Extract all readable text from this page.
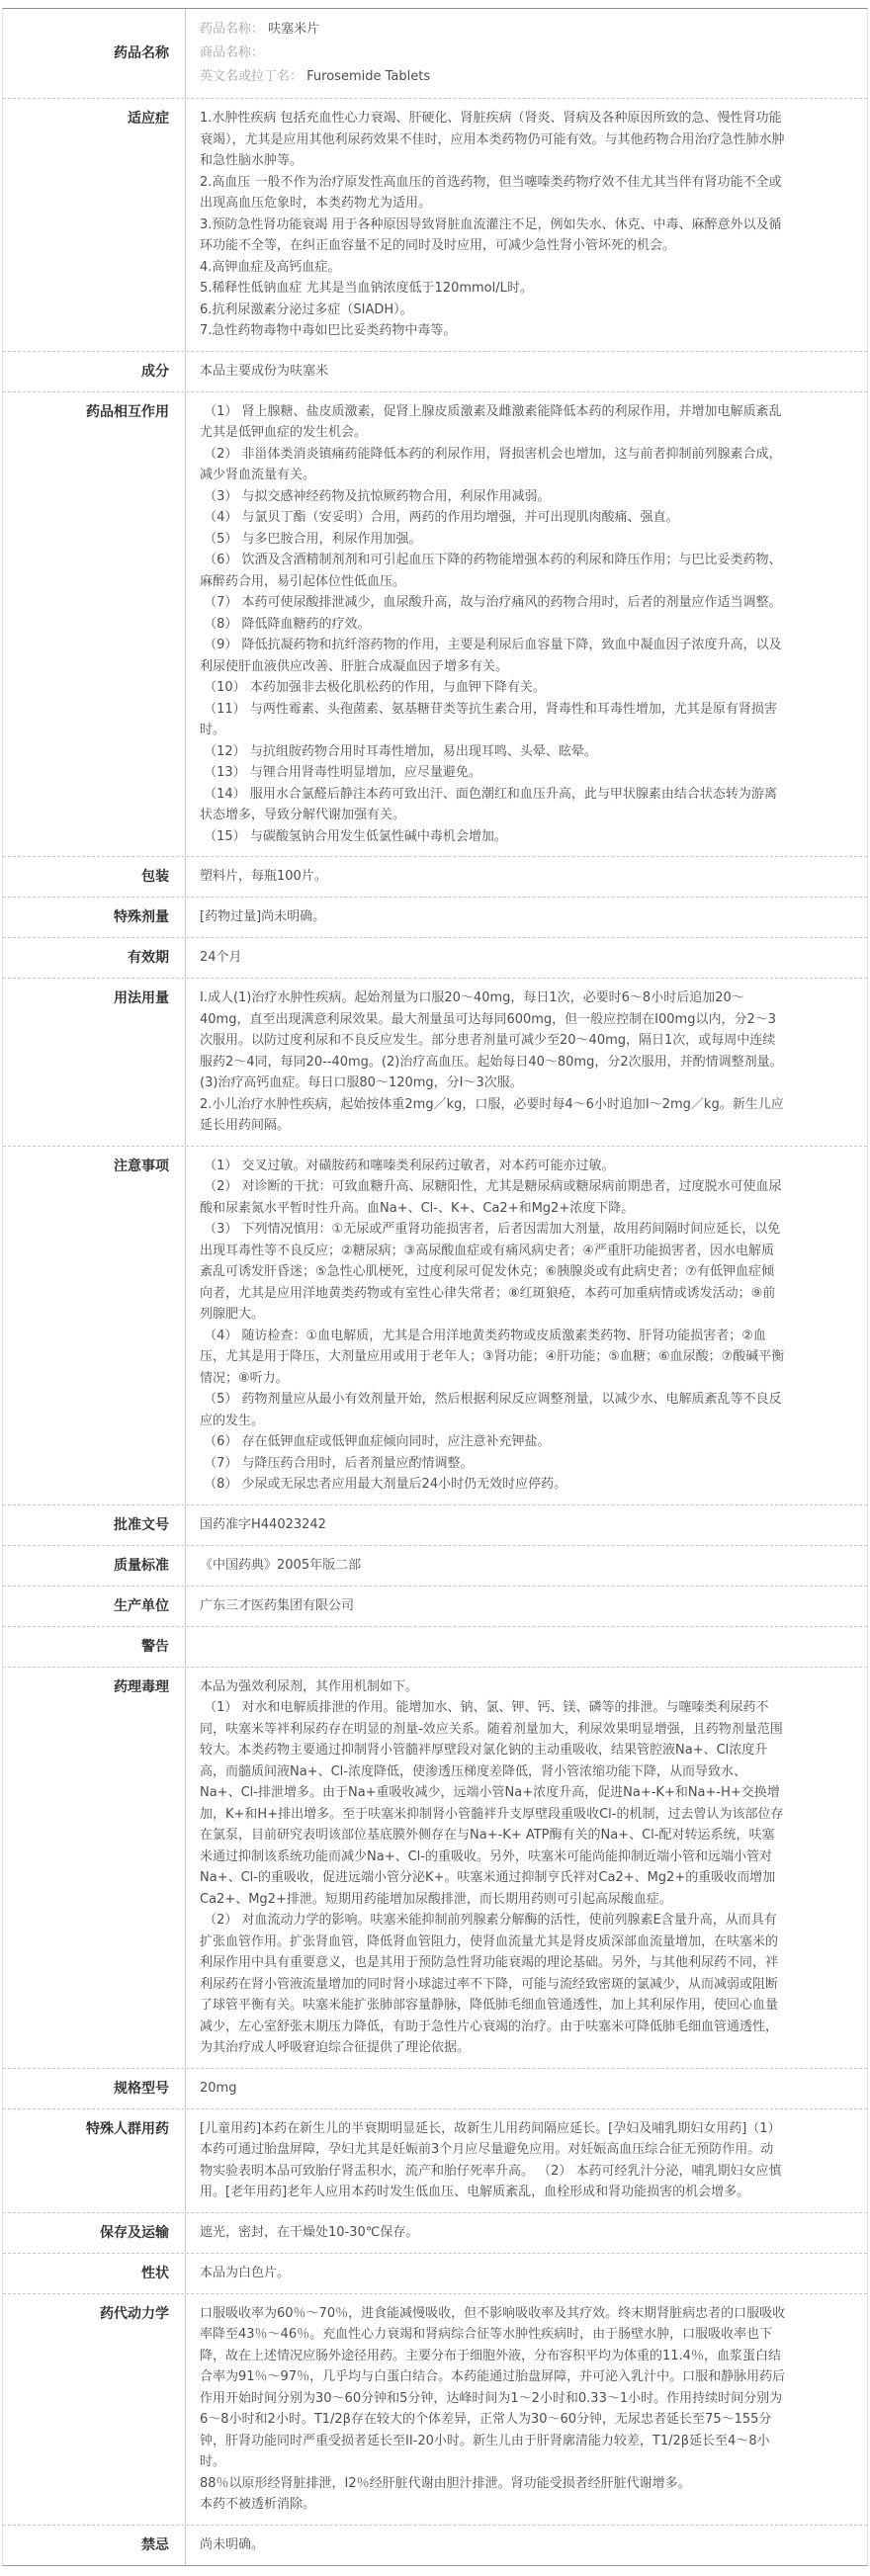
药品名称
药品名称： 呋塞米片
商品名称：
英文名或拉丁名： Furosemide Tablets
适应症	1.水肿性疾病 包括充血性心力衰竭、肝硬化、肾脏疾病（肾炎、肾病及各种原因所致的急、慢性肾功能衰竭），尤其是应用其他利尿药效果不佳时，应用本类药物仍可能有效。与其他药物合用治疗急性肺水肿和急性脑水肿等。
2.高血压 一般不作为治疗原发性高血压的首选药物，但当噻嗪类药物疗效不佳尤其当伴有肾功能不全或出现高血压危象时，本类药物尤为适用。
3.预防急性肾功能衰竭 用于各种原因导致肾脏血流灌注不足，例如失水、休克、中毒、麻醉意外以及循环功能不全等，在纠正血容量不足的同时及时应用，可减少急性肾小管坏死的机会。
4.高钾血症及高钙血症。
5.稀释性低钠血症 尤其是当血钠浓度低于120mmol/L时。
6.抗利尿激素分泌过多症（SIADH）。
7.急性药物毒物中毒如巴比妥类药物中毒等。
成分	本品主要成份为呋塞米
药品相互作用	（1） 肾上腺糖、盐皮质激素，促肾上腺皮质激素及雌激素能降低本药的利尿作用，并增加电解质紊乱尤其是低钾血症的发生机会。
（2） 非甾体类消炎镇痛药能降低本药的利尿作用，肾损害机会也增加，这与前者抑制前列腺素合成，减少肾血流量有关。
（3） 与拟交感神经药物及抗惊厥药物合用，利尿作用减弱。
（4） 与氯贝丁酯（安妥明）合用，两药的作用均增强，并可出现肌肉酸痛、强直。
（5） 与多巴胺合用，利尿作用加强。
（6） 饮酒及含酒精制剂剂和可引起血压下降的药物能增强本药的利尿和降压作用；与巴比妥类药物、麻醉药合用，易引起体位性低血压。
（7） 本药可使尿酸排泄减少，血尿酸升高，故与治疗痛风的药物合用时，后者的剂量应作适当调整。
（8） 降低降血糖药的疗效。
（9） 降低抗凝药物和抗纤溶药物的作用，主要是利尿后血容量下降，致血中凝血因子浓度升高，以及利尿使肝血液供应改善、肝脏合成凝血因子增多有关。
（10） 本药加强非去极化肌松药的作用，与血钾下降有关。
（11） 与两性霉素、头孢菌素、氨基糖苷类等抗生素合用，肾毒性和耳毒性增加，尤其是原有肾损害时。
（12） 与抗组胺药物合用时耳毒性增加，易出现耳鸣、头晕、眩晕。
（13） 与锂合用肾毒性明显增加，应尽量避免。
（14） 服用水合氯醛后静注本药可致出汗、面色潮红和血压升高，此与甲状腺素由结合状态转为游离状态增多，导致分解代谢加强有关。
（15） 与碳酸氢钠合用发生低氯性碱中毒机会增加。
包装	塑料片，每瓶100片。
特殊剂量	[药物过量]尚未明确。
有效期	24个月
用法用量	I.成人(1)治疗水肿性疾病。起始剂量为口服20～40mg，每日1次，必要时6～8小时后追加20～40mg，直至出现满意利尿效果。最大剂量虽可达每同600mg，但一般应控制在I00mg以内，分2～3次服用。以防过度利尿和不良反应发生。部分患者剂量可减少至20～40mg，隔日1次，或每周中连续服药2～4同，每同20--40mg。(2)治疗高血压。起始每日40～80mg，分2次服用，并酌情调整剂量。(3)治疗高钙血症。每日口服80～120mg，分I～3次服。
2.小儿治疗水肿性疾病，起始按体重2mg／kg，口服，必要时每4～6小时追加I～2mg／kg。新生儿应延长用药间隔。
注意事项	（1） 交叉过敏。对磺胺药和噻嗪类利尿药过敏者，对本药可能亦过敏。
（2） 对诊断的干扰：可致血糖升高、尿糖阳性，尤其是糖尿病或糖尿病前期患者，过度脱水可使血尿酸和尿素氮水平暂时性升高。血Na+、Cl-、K+、Ca2+和Mg2+浓度下降。
（3） 下列情况慎用：①无尿或严重肾功能损害者，后者因需加大剂量，故用药间隔时间应延长，以免出现耳毒性等不良反应；②糖尿病；③高尿酸血症或有痛风病史者；④严重肝功能损害者，因水电解质紊乱可诱发肝昏迷；⑤急性心肌梗死，过度利尿可促发休克；⑥胰腺炎或有此病史者；⑦有低钾血症倾向者，尤其是应用洋地黄类药物或有室性心律失常者；⑧红斑狼疮，本药可加重病情或诱发活动；⑨前列腺肥大。
（4） 随访检查：①血电解质，尤其是合用洋地黄类药物或皮质激素类药物、肝肾功能损害者；②血压，尤其是用于降压，大剂量应用或用于老年人；③肾功能；④肝功能；⑤血糖；⑥血尿酸；⑦酸碱平衡情况；⑧听力。
（5） 药物剂量应从最小有效剂量开始，然后根据利尿反应调整剂量，以减少水、电解质紊乱等不良反应的发生。
（6） 存在低钾血症或低钾血症倾向同时，应注意补充钾盐。
（7） 与降压药合用时，后者剂量应酌情调整。
（8） 少尿或无尿忠者应用最大剂量后24小时仍无效时应停药。
批准文号	国药准字H44023242
质量标准	《中国药典》2005年版二部
生产单位	广东三才医药集团有限公司
警告
药理毒理	本品为强效利尿剂，其作用机制如下。
（1） 对水和电解质排泄的作用。能增加水、钠、氯、钾、钙、镁、磷等的排泄。与噻嗪类利尿药不同，呋塞米等袢利尿药存在明显的剂量-效应关系。随着剂量加大，利尿效果明显增强，且药物剂量范围较大。本类药物主要通过抑制肾小管髓袢厚壁段对氯化钠的主动重吸收，结果管腔液Na+、Cl浓度升高，而髓质间液Na+、Cl-浓度降低，使渗透压梯度差降低，肾小管浓缩功能下降，从而导致水、Na+、Cl-排泄增多。由于Na+重吸收减少，远端小管Na+浓度升高，促进Na+-K+和Na+-H+交换增加，K+和H+排出增多。至于呋塞米抑制肾小管髓袢升支厚壁段重吸收Cl-的机制，过去曾认为该部位存在氯泵，目前研究表明该部位基底膜外侧存在与Na+-K+ ATP酶有关的Na+、Cl-配对转运系统，呋塞米通过抑制该系统功能而减少Na+、Cl-的重吸收。另外，呋塞米可能尚能抑制近端小管和远端小管对Na+、Cl-的重吸收，促进远端小管分泌K+。呋塞米通过抑制亨氏袢对Ca2+、Mg2+的重吸收而增加Ca2+、Mg2+排泄。短期用药能增加尿酸排泄，而长期用药则可引起高尿酸血症。
（2） 对血流动力学的影响。呋塞米能抑制前列腺素分解酶的活性，使前列腺素E含量升高，从而具有扩张血管作用。扩张肾血管，降低肾血管阻力，使肾血流量尤其是肾皮质深部血流量增加，在呋塞米的利尿作用中具有重要意义，也是其用于预防急性肾功能衰竭的理论基础。另外，与其他利尿药不同，袢利尿药在肾小管液流量增加的同时肾小球滤过率不下降，可能与流经致密斑的氯减少，从而减弱或阻断了球管平衡有关。呋塞米能扩张肺部容量静脉，降低肺毛细血管通透性，加上其利尿作用，使回心血量减少，左心室舒张末期压力降低，有助于急性片心衰竭的治疗。由于呋塞米可降低肺毛细血管通透性，为其治疗成人呼吸窘迫综合征提供了理论依据。
规格型号	20mg
特殊人群用药	[儿童用药]本药在新生儿的半衰期明显延长，故新生儿用药间隔应延长。[孕妇及哺乳期妇女用药]（1）本药可通过胎盘屏障，孕妇尤其是妊娠前3个月应尽量避免应用。对妊娠高血压综合征无预防作用。动物实验表明本品可致胎仔肾盂积水，流产和胎仔死率升高。 （2） 本药可经乳汁分泌，哺乳期妇女应慎用。[老年用药]老年人应用本药时发生低血压、电解质紊乱，血栓形成和肾功能损害的机会增多。
保存及运输	遮光，密封，在干燥处10-30℃保存。
性状	本品为白色片。
药代动力学	口服吸收率为60％～70％，进食能减慢吸收，但不影响吸收率及其疗效。终末期肾脏病忠者的口服吸收率降至43％～46％。充血性心力衰竭和肾病综合征等水肿性疾病时，由于肠壁水肿，口服吸收率也下降，故在上述情况应肠外途径用药。主要分布于细胞外液，分布容积平均为体重的11.4％，血浆蛋白结合率为91％～97％，几乎均与白蛋白结合。本药能通过胎盘屏障，并可泌入乳汁中。口服和静脉用药后作用开始时间分别为30～60分钟和5分钟，达峰时间为1～2小时和0.33～1小时。作用持续时间分别为6～8小时和2小时。T1/2β存在较大的个体差异，正常人为30～60分钟，无尿忠者延长至75～155分钟，肝肾功能同时严重受损者延长至II-20小时。新生儿由于肝肾廓清能力较差，T1/2β延长至4～8小时。
88％以原形经肾脏排泄，I2％经肝脏代谢由胆汁排泄。肾功能受损者经肝脏代谢增多。
本药不被透析消除。
禁忌	尚未明确。
